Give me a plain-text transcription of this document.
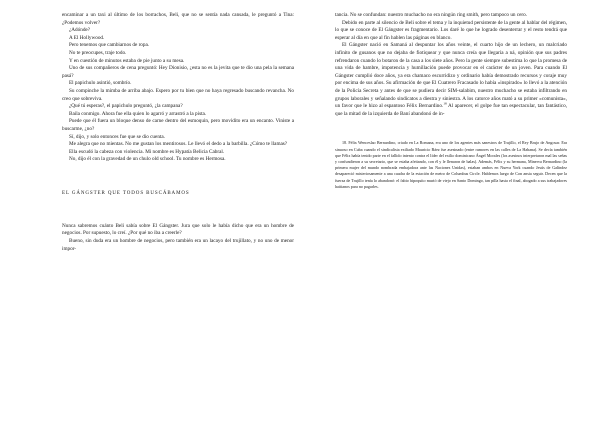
encaminar a un taxi al último de los borrachos, Beli, que no se sentía nada cansada, le preguntó a Tina: ¿Podemos volver?

¿Adónde?

A El Hollywood.

Pero tenemos que cambiarnos de ropa.

No te preocupes, traje todo.

Y en cuestión de minutos estaba de pie junto a su mesa.

Uno de sus compañeros de cena preguntó: Hey Dionisio, ¿esta no es la jevita que te dio una pela la semana pasá?

El papichulo asintió, sombrío.

Su compinche la mimba de arriba abajo. Espero por tu bien que no haya regresado buscando revancha. No creo que sobreviva.

¿Qué tú esperas?, el papichulo preguntó, ¿la campana?

Baila conmigo. Ahora fue ella quien lo agarró y arrastró a la pista.

Puede que él fuera un bloque denso de carne dentro del esmoquin, pero movidito era un encanto. Viniste a buscarme, ¿no?

Sí, dijo, y solo entonces fue que se dio cuenta.

Me alegra que no mientas. No me gustan los mentirosos. Le llevó el dedo a la barbilla. ¿Cómo te llamas?

Ella escudó la cabeza con violencia. Mi nombre es Hypatía Belicia Cabral.

No, dijo él con la gravedad de un chulo old school. Tu nombre es Hermosa.

EL GÁNGSTER QUE TODOS BUSCÁBAMOS

Nunca sabremos cuánto Beli sabía sobre El Gángster. Jura que solo le había dicho que era un hombre de negocios. Por supuesto, lo creí. ¿Por qué no iba a creerle?

Bueno, sin duda era un hombre de negocios, pero también era un lacayo del trujillato, y no uno de menor impor-

tancia. No se confundan: nuestro muchacho no era ningún ring smith, pero tampoco un cero.

Debido en parte al silencio de Beli sobre el tema y la inquietud persistente de la gente al hablar del régimen, lo que se conoce de El Gángster es fragmentario. Los daré lo que he logrado desenterrar y el resto tendrá que esperar al día en que al fin hablen las páginas en blanco.

El Gángster nació en Samaná al despuntar los años veinte, el cuarto hijo de un lechero, un malcriado infinito de gusanos que no dejaba de fiotiquear y que nunca creía que llegaría a ná, opinión que sus padres refrendaron cuando lo botaron de la casa a los siete años. Pero la gente siempre subestima lo que la promesa de una vida de hambre, impotencia y humillación puede provocar en el carácter de un joven. Para cuando El Gángster cumplió doce años, ya era chamaco escurridizo y ordinario había demostrado recursos y coraje muy por encima de sus años. Su afirmación de que El Cuatrero Fracasado lo había «inspirado» lo llevó a la atención de la Policía Secreta y antes de que se pudiera decir SIM-salabim, nuestro muchacho se estaba infiltrando en grupos laborales y señalando sindicatos a diestra y siniestra. A los catorce años mató a su primer «comunista», un favor que le hizo al espantoso Félix Bernardino.$^{18}$ Al aparecer, el golpe fue tan espectacular, tan fantástico, que la mitad de la izquierda de Baní abandonó de in-

18. Félix Wenceslao Bernardino, criado en La Romana, era uno de los agentes más sanestros de Trujillo, el Rey Brujo de Angosar. Era sinuoso en Cuba cuando el sindicalista exiliado Mauricio Báez fue asesinado (entre rumores en las calles de La Habana). Se decía también que Félix había tenido parte en el fallido intento contra el líder del exilio dominicano Ángel Morales (los asesinos interpretaron mal las señas y confundieron a su secretario, que se estaba afeitando, con él y le llenaron de balas). Además, Félix y su hermana, Minerva Bernardino (la primera mujer del mundo nombrada embajadora ante las Naciones Unidas), estaban ambos en Nueva York cuando Jesús de Galíndez desapareció misteriosamente a una cuadra de la estación de metro de Columbus Circle. Hablemos luego de Con ansia seguir. Decen que la fuerza de Trujillo tenía lo abandonó: el fabio hipoquito murió de viejo en Santo Domingo, tan pilla hasta el final, abogado a sus trabajadores haitianos para no pagarles.
